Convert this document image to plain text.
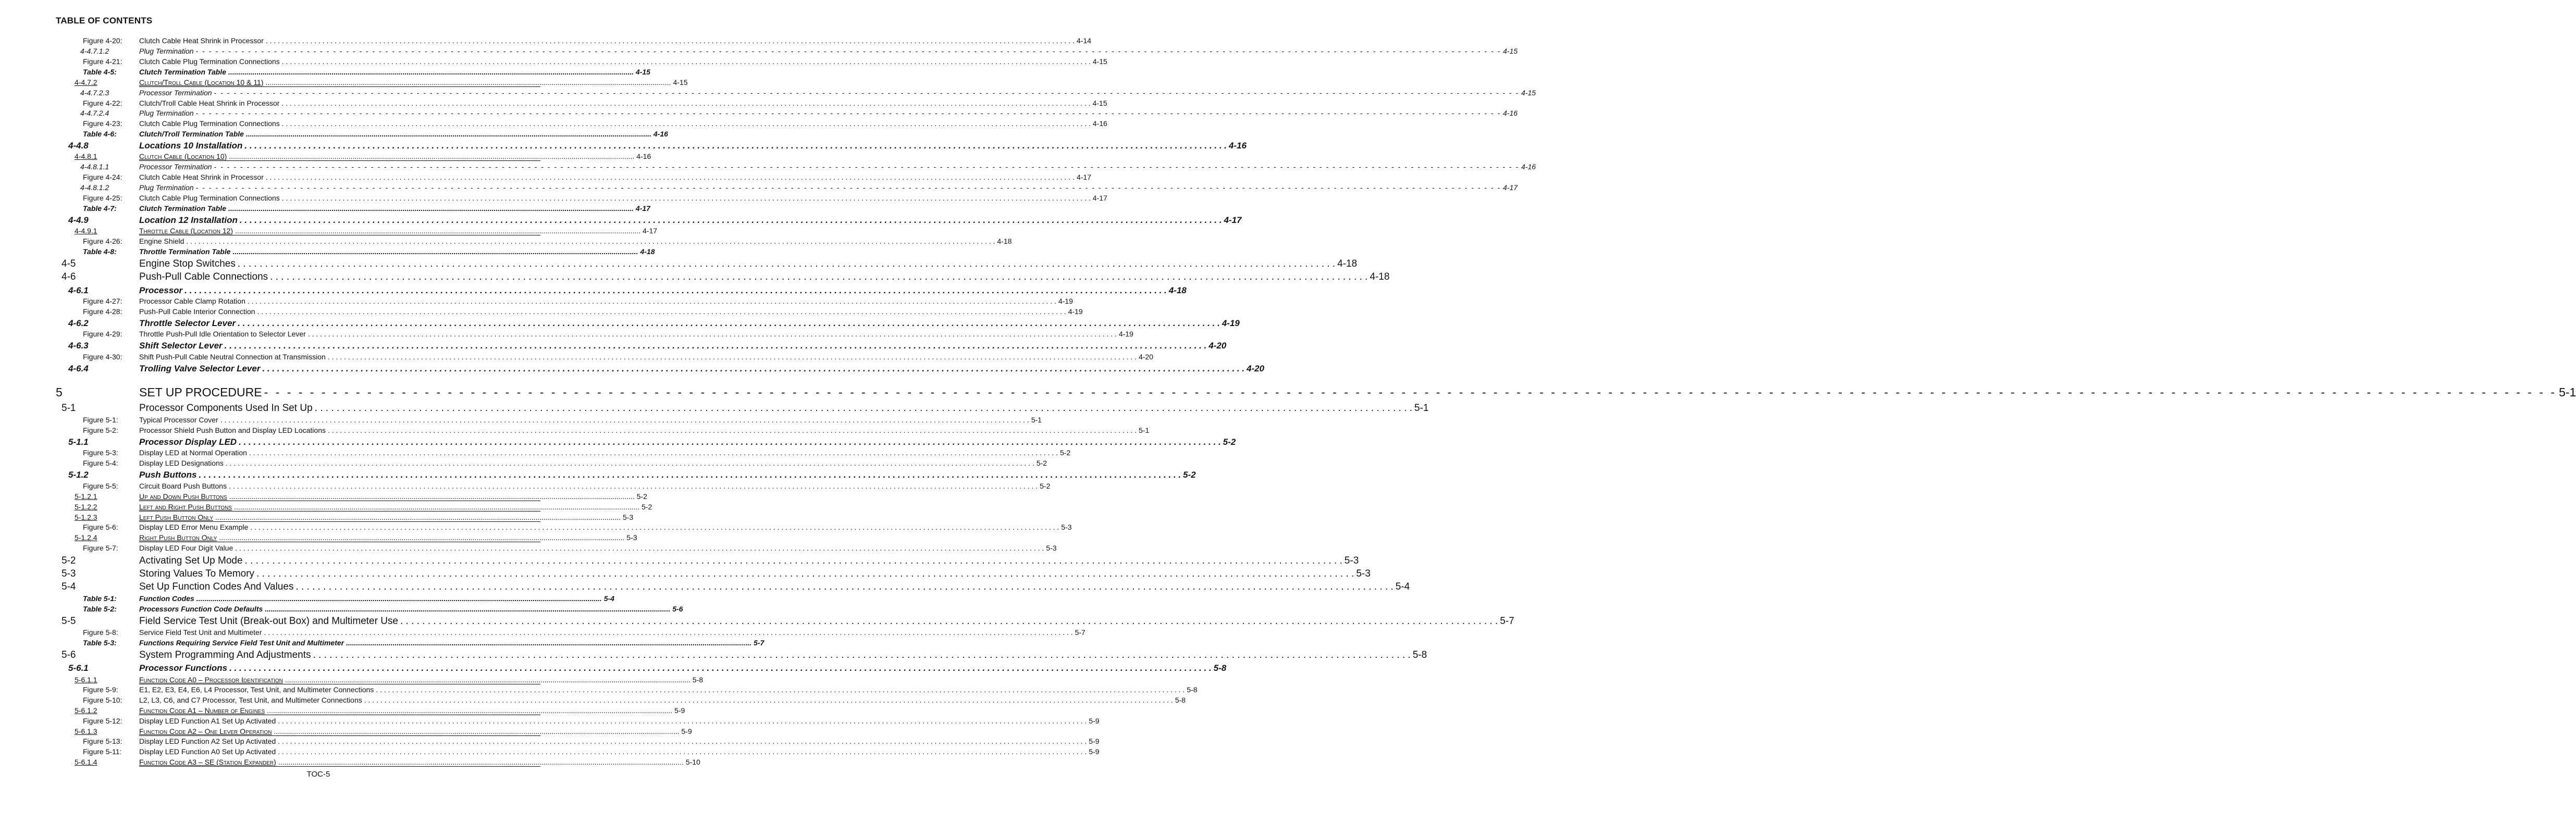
TABLE OF CONTENTS
Figure 4-20: Clutch Cable Heat Shrink in Processor . . . . . . . . . . . . . . . . . . . . . . . . . . . . . . . . . . . . . . . . . . . . . . . . . . . . . . . . . . . . . . . . . . . . . . . . . . . . . . . . . . . . . . . . . . . . . . . . . . . . . . . . . . . . . . . . . . . . . . . . . . . . . . . . . . . . . . . . . . . . . . . . . . . . . . . . . . . . . . . . . . . . . . . . . . . . . . . . . . . . . . . . . . . . . . . . . . . . . . . . 4-14
4-4.7.1.2	Plug Termination - - - - - - - - - - - - - - - - - - - - - - - - - - - - - - - - - - - - - - - - - - - - - - - - - - - - - - - - - - - - - - - - - - - - - - - - - - - - - - - - - - - - - - - - - - - - - - - - - - - - - - - - - - - - - - - - - - - - - - - - - - - - - - - - - - - - - - - - - - - - - - - - - - - - - - - - - - - - - - - - - - - - - - - - - - - - - - - - - - - - - - - - - - - - - - - - - - - - - - - - 4-15
Figure 4-21: Clutch Cable Plug Termination Connections . . . . . . . . . . . . . . . . . . . . . . . . . . . . . . . . . . . . . . . . . . . . . . . . . . . . . . . . . . . . . . . . . . . . . . . . . . . . . . . . . . . . . . . . . . . . . . . . . . . . . . . . . . . . . . . . . . . . . . . . . . . . . . . . . . . . . . . . . . . . . . . . . . . . . . . . . . . . . . . . . . . . . . . . . . . . . . . . . . . . . . . . . . . . . . . . . . . . . . . . 4-15
Table 4-5:	Clutch Termination Table ........................................................................................................................................................................................................ 4-15
4-4.7.2	Clutch/Troll Cable (Location 10 & 11) ........................................................................................................................................................................................................ 4-15
4-4.7.2.3	Processor Termination - - - - - - - - - - - - - - - - - - - - - - - - - - - - - - - - - - - - - - - - - - - - - - - - - - - - - - - - - - - - - - - - - - - - - - - - - - - - - - - - - - - - - - - - - - - - - - - - - - - - - - - - - - - - - - - - - - - - - - - - - - - - - - - - - - - - - - - - - - - - - - - - - - - - - - - - - - - - - - - - - - - - - - - - - - - - - - - - - - - - - - - - - - - - - - - - - - - - - - - - 4-15
Figure 4-22: Clutch/Troll Cable Heat Shrink in Processor . . . . . . . . . . . . . . . . . . . . . . . . . . . . . . . . . . . . . . . . . . . . . . . . . . . . . . . . . . . . . . . . . . . . . . . . . . . . . . . . . . . . . . . . . . . . . . . . . . . . . . . . . . . . . . . . . . . . . . . . . . . . . . . . . . . . . . . . . . . . . . . . . . . . . . . . . . . . . . . . . . . . . . . . . . . . . . . . . . . . . . . . . . . . . . . . . . . . . . . . 4-15
4-4.7.2.4	Plug Termination - - - - - - - - - - - - - - - - - - - - - - - - - - - - - - - - - - - - - - - - - - - - - - - - - - - - - - - - - - - - - - - - - - - - - - - - - - - - - - - - - - - - - - - - - - - - - - - - - - - - - - - - - - - - - - - - - - - - - - - - - - - - - - - - - - - - - - - - - - - - - - - - - - - - - - - - - - - - - - - - - - - - - - - - - - - - - - - - - - - - - - - - - - - - - - - - - - - - - - - - 4-16
Figure 4-23: Clutch Cable Plug Termination Connections . . . . . . . . . . . . . . . . . . . . . . . . . . . . . . . . . . . . . . . . . . . . . . . . . . . . . . . . . . . . . . . . . . . . . . . . . . . . . . . . . . . . . . . . . . . . . . . . . . . . . . . . . . . . . . . . . . . . . . . . . . . . . . . . . . . . . . . . . . . . . . . . . . . . . . . . . . . . . . . . . . . . . . . . . . . . . . . . . . . . . . . . . . . . . . . . . . . . . . . . 4-16
Table 4-6:	Clutch/Troll Termination Table ........................................................................................................................................................................................................ 4-16
4-4.8	Locations 10 Installation . . . . . . . . . . . . . . . . . . . . . . . . . . . . . . . . . . . . . . . . . . . . . . . . . . . . . . . . . . . . . . . . . . . . . . . . . . . . . . . . . . . . . . . . . . . . . . . . . . . . . . . . . . . . . . . . . . . . . . . . . . . . . . . . . . . . . . . . . . . . . . . . . . . . . . . . . . . . . . . . . . . . . . . . . . . . . . . . . . . . . . . . . . . . . . . . . . . . . . . . 4-16
4-4.8.1	Clutch Cable (Location 10) ........................................................................................................................................................................................................ 4-16
4-4.8.1.1	Processor Termination - - - - - - - - - - - - - - - - - - - - - - - - - - - - - - - - - - - - - - - - - - - - - - - - - - - - - - - - - - - - - - - - - - - - - - - - - - - - - - - - - - - - - - - - - - - - - - - - - - - - - - - - - - - - - - - - - - - - - - - - - - - - - - - - - - - - - - - - - - - - - - - - - - - - - - - - - - - - - - - - - - - - - - - - - - - - - - - - - - - - - - - - - - - - - - - - - - - - - - - - 4-16
Figure 4-24: Clutch Cable Heat Shrink in Processor . . . . . . . . . . . . . . . . . . . . . . . . . . . . . . . . . . . . . . . . . . . . . . . . . . . . . . . . . . . . . . . . . . . . . . . . . . . . . . . . . . . . . . . . . . . . . . . . . . . . . . . . . . . . . . . . . . . . . . . . . . . . . . . . . . . . . . . . . . . . . . . . . . . . . . . . . . . . . . . . . . . . . . . . . . . . . . . . . . . . . . . . . . . . . . . . . . . . . . . . 4-17
4-4.8.1.2	Plug Termination - - - - - - - - - - - - - - - - - - - - - - - - - - - - - - - - - - - - - - - - - - - - - - - - - - - - - - - - - - - - - - - - - - - - - - - - - - - - - - - - - - - - - - - - - - - - - - - - - - - - - - - - - - - - - - - - - - - - - - - - - - - - - - - - - - - - - - - - - - - - - - - - - - - - - - - - - - - - - - - - - - - - - - - - - - - - - - - - - - - - - - - - - - - - - - - - - - - - - - - - 4-17
Figure 4-25: Clutch Cable Plug Termination Connections . . . . . . . . . . . . . . . . . . . . . . . . . . . . . . . . . . . . . . . . . . . . . . . . . . . . . . . . . . . . . . . . . . . . . . . . . . . . . . . . . . . . . . . . . . . . . . . . . . . . . . . . . . . . . . . . . . . . . . . . . . . . . . . . . . . . . . . . . . . . . . . . . . . . . . . . . . . . . . . . . . . . . . . . . . . . . . . . . . . . . . . . . . . . . . . . . . . . . . . . 4-17
Table 4-7:	Clutch Termination Table ........................................................................................................................................................................................................ 4-17
4-4.9	Location 12 Installation . . . . . . . . . . . . . . . . . . . . . . . . . . . . . . . . . . . . . . . . . . . . . . . . . . . . . . . . . . . . . . . . . . . . . . . . . . . . . . . . . . . . . . . . . . . . . . . . . . . . . . . . . . . . . . . . . . . . . . . . . . . . . . . . . . . . . . . . . . . . . . . . . . . . . . . . . . . . . . . . . . . . . . . . . . . . . . . . . . . . . . . . . . . . . . . . . . . . . . . . 4-17
4-4.9.1	Throttle Cable (Location 12) ........................................................................................................................................................................................................ 4-17
Figure 4-26: Engine Shield . . . . . . . . . . . . . . . . . . . . . . . . . . . . . . . . . . . . . . . . . . . . . . . . . . . . . . . . . . . . . . . . . . . . . . . . . . . . . . . . . . . . . . . . . . . . . . . . . . . . . . . . . . . . . . . . . . . . . . . . . . . . . . . . . . . . . . . . . . . . . . . . . . . . . . . . . . . . . . . . . . . . . . . . . . . . . . . . . . . . . . . . . . . . . . . . . . . . . . . . 4-18
Table 4-8:	Throttle Termination Table ........................................................................................................................................................................................................ 4-18
4-5	Engine Stop Switches . . . . . . . . . . . . . . . . . . . . . . . . . . . . . . . . . . . . . . . . . . . . . . . . . . . . . . . . . . . . . . . . . . . . . . . . . . . . . . . . . . . . . . . . . . . . . . . . . . . . . . . . . . . . . . . . . . . . . . . . . . . . . . . . . . . . . . . . . . . . . . . . . . . . . . . . . . . . . . . . . . . . . . . . . . . . . . . . . . . . . . . . . . . . . . . . . . . . . . . . 4-18
4-6	Push-Pull Cable Connections . . . . . . . . . . . . . . . . . . . . . . . . . . . . . . . . . . . . . . . . . . . . . . . . . . . . . . . . . . . . . . . . . . . . . . . . . . . . . . . . . . . . . . . . . . . . . . . . . . . . . . . . . . . . . . . . . . . . . . . . . . . . . . . . . . . . . . . . . . . . . . . . . . . . . . . . . . . . . . . . . . . . . . . . . . . . . . . . . . . . . . . . . . . . . . . . . . . . . . . . 4-18
4-6.1	Processor . . . . . . . . . . . . . . . . . . . . . . . . . . . . . . . . . . . . . . . . . . . . . . . . . . . . . . . . . . . . . . . . . . . . . . . . . . . . . . . . . . . . . . . . . . . . . . . . . . . . . . . . . . . . . . . . . . . . . . . . . . . . . . . . . . . . . . . . . . . . . . . . . . . . . . . . . . . . . . . . . . . . . . . . . . . . . . . . . . . . . . . . . . . . . . . . . . . . . . . . 4-18
Figure 4-27: Processor Cable Clamp Rotation . . . . . . . . . . . . . . . . . . . . . . . . . . . . . . . . . . . . . . . . . . . . . . . . . . . . . . . . . . . . . . . . . . . . . . . . . . . . . . . . . . . . . . . . . . . . . . . . . . . . . . . . . . . . . . . . . . . . . . . . . . . . . . . . . . . . . . . . . . . . . . . . . . . . . . . . . . . . . . . . . . . . . . . . . . . . . . . . . . . . . . . . . . . . . . . . . . . . . . . . 4-19
Figure 4-28: Push-Pull Cable Interior Connection . . . . . . . . . . . . . . . . . . . . . . . . . . . . . . . . . . . . . . . . . . . . . . . . . . . . . . . . . . . . . . . . . . . . . . . . . . . . . . . . . . . . . . . . . . . . . . . . . . . . . . . . . . . . . . . . . . . . . . . . . . . . . . . . . . . . . . . . . . . . . . . . . . . . . . . . . . . . . . . . . . . . . . . . . . . . . . . . . . . . . . . . . . . . . . . . . . . . . . . . 4-19
4-6.2	Throttle Selector Lever . . . . . . . . . . . . . . . . . . . . . . . . . . . . . . . . . . . . . . . . . . . . . . . . . . . . . . . . . . . . . . . . . . . . . . . . . . . . . . . . . . . . . . . . . . . . . . . . . . . . . . . . . . . . . . . . . . . . . . . . . . . . . . . . . . . . . . . . . . . . . . . . . . . . . . . . . . . . . . . . . . . . . . . . . . . . . . . . . . . . . . . . . . . . . . . . . . . . . . . . 4-19
Figure 4-29: Throttle Push-Pull Idle Orientation to Selector Lever . . . . . . . . . . . . . . . . . . . . . . . . . . . . . . . . . . . . . . . . . . . . . . . . . . . . . . . . . . . . . . . . . . . . . . . . . . . . . . . . . . . . . . . . . . . . . . . . . . . . . . . . . . . . . . . . . . . . . . . . . . . . . . . . . . . . . . . . . . . . . . . . . . . . . . . . . . . . . . . . . . . . . . . . . . . . . . . . . . . . . . . . . . . . . . . . . . . . . . . . 4-19
4-6.3	Shift Selector Lever . . . . . . . . . . . . . . . . . . . . . . . . . . . . . . . . . . . . . . . . . . . . . . . . . . . . . . . . . . . . . . . . . . . . . . . . . . . . . . . . . . . . . . . . . . . . . . . . . . . . . . . . . . . . . . . . . . . . . . . . . . . . . . . . . . . . . . . . . . . . . . . . . . . . . . . . . . . . . . . . . . . . . . . . . . . . . . . . . . . . . . . . . . . . . . . . . . . . . . . . 4-20
Figure 4-30: Shift Push-Pull Cable Neutral Connection at Transmission . . . . . . . . . . . . . . . . . . . . . . . . . . . . . . . . . . . . . . . . . . . . . . . . . . . . . . . . . . . . . . . . . . . . . . . . . . . . . . . . . . . . . . . . . . . . . . . . . . . . . . . . . . . . . . . . . . . . . . . . . . . . . . . . . . . . . . . . . . . . . . . . . . . . . . . . . . . . . . . . . . . . . . . . . . . . . . . . . . . . . . . . . . . . . . . . . . . . . . . . 4-20
4-6.4	Trolling Valve Selector Lever . . . . . . . . . . . . . . . . . . . . . . . . . . . . . . . . . . . . . . . . . . . . . . . . . . . . . . . . . . . . . . . . . . . . . . . . . . . . . . . . . . . . . . . . . . . . . . . . . . . . . . . . . . . . . . . . . . . . . . . . . . . . . . . . . . . . . . . . . . . . . . . . . . . . . . . . . . . . . . . . . . . . . . . . . . . . . . . . . . . . . . . . . . . . . . . . . . . . . . . . 4-20
5	SET UP PROCEDURE - - - - - - - - - - - - - - - - - - - - - - - - - - - - - - - - - - - - - - - - - - - - - - - - - - - - - - - - - - - - - - - - - - - - - - - - - - - - - - - - - - - - - - - - - - - - - - - - - - - - - - - - - - - - - - - - - - - - - - - - - - - - - - - - - - - - - - - - - - - - - - - - - - - - - - - - - - - - - - - - - - - - - - - - - - - - - - - - - - - - - - - - - - - - - - - - - - - - - - - - 5-1
5-1	Processor Components Used In Set Up . . . . . . . . . . . . . . . . . . . . . . . . . . . . . . . . . . . . . . . . . . . . . . . . . . . . . . . . . . . . . . . . . . . . . . . . . . . . . . . . . . . . . . . . . . . . . . . . . . . . . . . . . . . . . . . . . . . . . . . . . . . . . . . . . . . . . . . . . . . . . . . . . . . . . . . . . . . . . . . . . . . . . . . . . . . . . . . . . . . . . . . . . . . . . . . . . . . . . . . . 5-1
Figure 5-1:	Typical Processor Cover . . . . . . . . . . . . . . . . . . . . . . . . . . . . . . . . . . . . . . . . . . . . . . . . . . . . . . . . . . . . . . . . . . . . . . . . . . . . . . . . . . . . . . . . . . . . . . . . . . . . . . . . . . . . . . . . . . . . . . . . . . . . . . . . . . . . . . . . . . . . . . . . . . . . . . . . . . . . . . . . . . . . . . . . . . . . . . . . . . . . . . . . . . . . . . . . . . . . . . . . 5-1
Figure 5-2:	Processor Shield Push Button and Display LED Locations . . . . . . . . . . . . . . . . . . . . . . . . . . . . . . . . . . . . . . . . . . . . . . . . . . . . . . . . . . . . . . . . . . . . . . . . . . . . . . . . . . . . . . . . . . . . . . . . . . . . . . . . . . . . . . . . . . . . . . . . . . . . . . . . . . . . . . . . . . . . . . . . . . . . . . . . . . . . . . . . . . . . . . . . . . . . . . . . . . . . . . . . . . . . . . . . . . . . . . . . 5-1
5-1.1	Processor Display LED . . . . . . . . . . . . . . . . . . . . . . . . . . . . . . . . . . . . . . . . . . . . . . . . . . . . . . . . . . . . . . . . . . . . . . . . . . . . . . . . . . . . . . . . . . . . . . . . . . . . . . . . . . . . . . . . . . . . . . . . . . . . . . . . . . . . . . . . . . . . . . . . . . . . . . . . . . . . . . . . . . . . . . . . . . . . . . . . . . . . . . . . . . . . . . . . . . . . . . . . 5-2
Figure 5-3:	Display LED at Normal Operation . . . . . . . . . . . . . . . . . . . . . . . . . . . . . . . . . . . . . . . . . . . . . . . . . . . . . . . . . . . . . . . . . . . . . . . . . . . . . . . . . . . . . . . . . . . . . . . . . . . . . . . . . . . . . . . . . . . . . . . . . . . . . . . . . . . . . . . . . . . . . . . . . . . . . . . . . . . . . . . . . . . . . . . . . . . . . . . . . . . . . . . . . . . . . . . . . . . . . . . . 5-2
Figure 5-4:	Display LED Designations . . . . . . . . . . . . . . . . . . . . . . . . . . . . . . . . . . . . . . . . . . . . . . . . . . . . . . . . . . . . . . . . . . . . . . . . . . . . . . . . . . . . . . . . . . . . . . . . . . . . . . . . . . . . . . . . . . . . . . . . . . . . . . . . . . . . . . . . . . . . . . . . . . . . . . . . . . . . . . . . . . . . . . . . . . . . . . . . . . . . . . . . . . . . . . . . . . . . . . . . 5-2
5-1.2	Push Buttons . . . . . . . . . . . . . . . . . . . . . . . . . . . . . . . . . . . . . . . . . . . . . . . . . . . . . . . . . . . . . . . . . . . . . . . . . . . . . . . . . . . . . . . . . . . . . . . . . . . . . . . . . . . . . . . . . . . . . . . . . . . . . . . . . . . . . . . . . . . . . . . . . . . . . . . . . . . . . . . . . . . . . . . . . . . . . . . . . . . . . . . . . . . . . . . . . . . . . . . . 5-2
Figure 5-5:	Circuit Board Push Buttons . . . . . . . . . . . . . . . . . . . . . . . . . . . . . . . . . . . . . . . . . . . . . . . . . . . . . . . . . . . . . . . . . . . . . . . . . . . . . . . . . . . . . . . . . . . . . . . . . . . . . . . . . . . . . . . . . . . . . . . . . . . . . . . . . . . . . . . . . . . . . . . . . . . . . . . . . . . . . . . . . . . . . . . . . . . . . . . . . . . . . . . . . . . . . . . . . . . . . . . . 5-2
5-1.2.1	Up and Down Push Buttons ........................................................................................................................................................................................................ 5-2
5-1.2.2	Left and Right Push Buttons ........................................................................................................................................................................................................ 5-2
5-1.2.3	Left Push Button Only ........................................................................................................................................................................................................ 5-3
Figure 5-6:	Display LED Error Menu Example . . . . . . . . . . . . . . . . . . . . . . . . . . . . . . . . . . . . . . . . . . . . . . . . . . . . . . . . . . . . . . . . . . . . . . . . . . . . . . . . . . . . . . . . . . . . . . . . . . . . . . . . . . . . . . . . . . . . . . . . . . . . . . . . . . . . . . . . . . . . . . . . . . . . . . . . . . . . . . . . . . . . . . . . . . . . . . . . . . . . . . . . . . . . . . . . . . . . . . . . 5-3
5-1.2.4	Right Push Button Only ........................................................................................................................................................................................................ 5-3
Figure 5-7:	Display LED Four Digit Value . . . . . . . . . . . . . . . . . . . . . . . . . . . . . . . . . . . . . . . . . . . . . . . . . . . . . . . . . . . . . . . . . . . . . . . . . . . . . . . . . . . . . . . . . . . . . . . . . . . . . . . . . . . . . . . . . . . . . . . . . . . . . . . . . . . . . . . . . . . . . . . . . . . . . . . . . . . . . . . . . . . . . . . . . . . . . . . . . . . . . . . . . . . . . . . . . . . . . . . . 5-3
5-2	Activating Set Up Mode . . . . . . . . . . . . . . . . . . . . . . . . . . . . . . . . . . . . . . . . . . . . . . . . . . . . . . . . . . . . . . . . . . . . . . . . . . . . . . . . . . . . . . . . . . . . . . . . . . . . . . . . . . . . . . . . . . . . . . . . . . . . . . . . . . . . . . . . . . . . . . . . . . . . . . . . . . . . . . . . . . . . . . . . . . . . . . . . . . . . . . . . . . . . . . . . . . . . . . . . 5-3
5-3	Storing Values To Memory . . . . . . . . . . . . . . . . . . . . . . . . . . . . . . . . . . . . . . . . . . . . . . . . . . . . . . . . . . . . . . . . . . . . . . . . . . . . . . . . . . . . . . . . . . . . . . . . . . . . . . . . . . . . . . . . . . . . . . . . . . . . . . . . . . . . . . . . . . . . . . . . . . . . . . . . . . . . . . . . . . . . . . . . . . . . . . . . . . . . . . . . . . . . . . . . . . . . . . . . 5-3
5-4	Set Up Function Codes And Values . . . . . . . . . . . . . . . . . . . . . . . . . . . . . . . . . . . . . . . . . . . . . . . . . . . . . . . . . . . . . . . . . . . . . . . . . . . . . . . . . . . . . . . . . . . . . . . . . . . . . . . . . . . . . . . . . . . . . . . . . . . . . . . . . . . . . . . . . . . . . . . . . . . . . . . . . . . . . . . . . . . . . . . . . . . . . . . . . . . . . . . . . . . . . . . . . . . . . . . . 5-4
Table 5-1:	Function Codes ........................................................................................................................................................................................................ 5-4
Table 5-2:	Processors Function Code Defaults ........................................................................................................................................................................................................ 5-6
5-5	Field Service Test Unit (Break-out Box) and Multimeter Use . . . . . . . . . . . . . . . . . . . . . . . . . . . . . . . . . . . . . . . . . . . . . . . . . . . . . . . . . . . . . . . . . . . . . . . . . . . . . . . . . . . . . . . . . . . . . . . . . . . . . . . . . . . . . . . . . . . . . . . . . . . . . . . . . . . . . . . . . . . . . . . . . . . . . . . . . . . . . . . . . . . . . . . . . . . . . . . . . . . . . . . . . . . . . . . . . . . . . . . . 5-7
Figure 5-8:	Service Field Test Unit and Multimeter . . . . . . . . . . . . . . . . . . . . . . . . . . . . . . . . . . . . . . . . . . . . . . . . . . . . . . . . . . . . . . . . . . . . . . . . . . . . . . . . . . . . . . . . . . . . . . . . . . . . . . . . . . . . . . . . . . . . . . . . . . . . . . . . . . . . . . . . . . . . . . . . . . . . . . . . . . . . . . . . . . . . . . . . . . . . . . . . . . . . . . . . . . . . . . . . . . . . . . . . 5-7
Table 5-3:	Functions Requiring Service Field Test Unit and Multimeter ........................................................................................................................................................................................................ 5-7
5-6	System Programming And Adjustments . . . . . . . . . . . . . . . . . . . . . . . . . . . . . . . . . . . . . . . . . . . . . . . . . . . . . . . . . . . . . . . . . . . . . . . . . . . . . . . . . . . . . . . . . . . . . . . . . . . . . . . . . . . . . . . . . . . . . . . . . . . . . . . . . . . . . . . . . . . . . . . . . . . . . . . . . . . . . . . . . . . . . . . . . . . . . . . . . . . . . . . . . . . . . . . . . . . . . . . . 5-8
5-6.1	Processor Functions . . . . . . . . . . . . . . . . . . . . . . . . . . . . . . . . . . . . . . . . . . . . . . . . . . . . . . . . . . . . . . . . . . . . . . . . . . . . . . . . . . . . . . . . . . . . . . . . . . . . . . . . . . . . . . . . . . . . . . . . . . . . . . . . . . . . . . . . . . . . . . . . . . . . . . . . . . . . . . . . . . . . . . . . . . . . . . . . . . . . . . . . . . . . . . . . . . . . . . . . 5-8
5-6.1.1	Function Code A0 – Processor Identification ........................................................................................................................................................................................................ 5-8
Figure 5-9:	E1, E2, E3, E4, E6, L4 Processor, Test Unit, and Multimeter Connections . . . . . . . . . . . . . . . . . . . . . . . . . . . . . . . . . . . . . . . . . . . . . . . . . . . . . . . . . . . . . . . . . . . . . . . . . . . . . . . . . . . . . . . . . . . . . . . . . . . . . . . . . . . . . . . . . . . . . . . . . . . . . . . . . . . . . . . . . . . . . . . . . . . . . . . . . . . . . . . . . . . . . . . . . . . . . . . . . . . . . . . . . . . . . . . . . . . . . . . . 5-8
Figure 5-10: L2, L3, C6, and C7 Processor, Test Unit, and Multimeter Connections . . . . . . . . . . . . . . . . . . . . . . . . . . . . . . . . . . . . . . . . . . . . . . . . . . . . . . . . . . . . . . . . . . . . . . . . . . . . . . . . . . . . . . . . . . . . . . . . . . . . . . . . . . . . . . . . . . . . . . . . . . . . . . . . . . . . . . . . . . . . . . . . . . . . . . . . . . . . . . . . . . . . . . . . . . . . . . . . . . . . . . . . . . . . . . . . . . . . . . . . 5-8
5-6.1.2	Function Code A1 – Number of Engines ........................................................................................................................................................................................................ 5-9
Figure 5-12: Display LED Function A1 Set Up Activated . . . . . . . . . . . . . . . . . . . . . . . . . . . . . . . . . . . . . . . . . . . . . . . . . . . . . . . . . . . . . . . . . . . . . . . . . . . . . . . . . . . . . . . . . . . . . . . . . . . . . . . . . . . . . . . . . . . . . . . . . . . . . . . . . . . . . . . . . . . . . . . . . . . . . . . . . . . . . . . . . . . . . . . . . . . . . . . . . . . . . . . . . . . . . . . . . . . . . . . . 5-9
5-6.1.3	Function Code A2 – One Lever Operation ........................................................................................................................................................................................................ 5-9
Figure 5-13: Display LED Function A2 Set Up Activated . . . . . . . . . . . . . . . . . . . . . . . . . . . . . . . . . . . . . . . . . . . . . . . . . . . . . . . . . . . . . . . . . . . . . . . . . . . . . . . . . . . . . . . . . . . . . . . . . . . . . . . . . . . . . . . . . . . . . . . . . . . . . . . . . . . . . . . . . . . . . . . . . . . . . . . . . . . . . . . . . . . . . . . . . . . . . . . . . . . . . . . . . . . . . . . . . . . . . . . . 5-9
Figure 5-11: Display LED Function A0 Set Up Activated . . . . . . . . . . . . . . . . . . . . . . . . . . . . . . . . . . . . . . . . . . . . . . . . . . . . . . . . . . . . . . . . . . . . . . . . . . . . . . . . . . . . . . . . . . . . . . . . . . . . . . . . . . . . . . . . . . . . . . . . . . . . . . . . . . . . . . . . . . . . . . . . . . . . . . . . . . . . . . . . . . . . . . . . . . . . . . . . . . . . . . . . . . . . . . . . . . . . . . . . 5-9
5-6.1.4	Function Code A3 – SE (Station Expander) ........................................................................................................................................................................................................ 5-10
TOC-5
